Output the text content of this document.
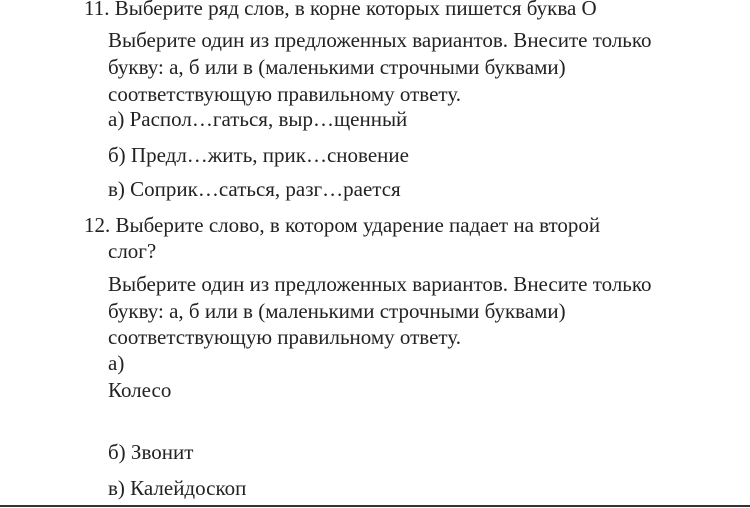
11. Выберите ряд слов, в корне которых пишется буква О
Выберите один из предложенных вариантов. Внесите только
букву: а, б или в (маленькими строчными буквами)
соответствующую правильному ответу.
а) Распол…гаться, выр…щенный
б) Предл…жить, прик…сновение
в) Соприк…саться, разг…рается
12. Выберите слово, в котором ударение падает на второй
слог?
Выберите один из предложенных вариантов. Внесите только
букву: а, б или в (маленькими строчными буквами)
соответствующую правильному ответу.
а)
Колесо
б) Звонит
в) Калейдоскоп
